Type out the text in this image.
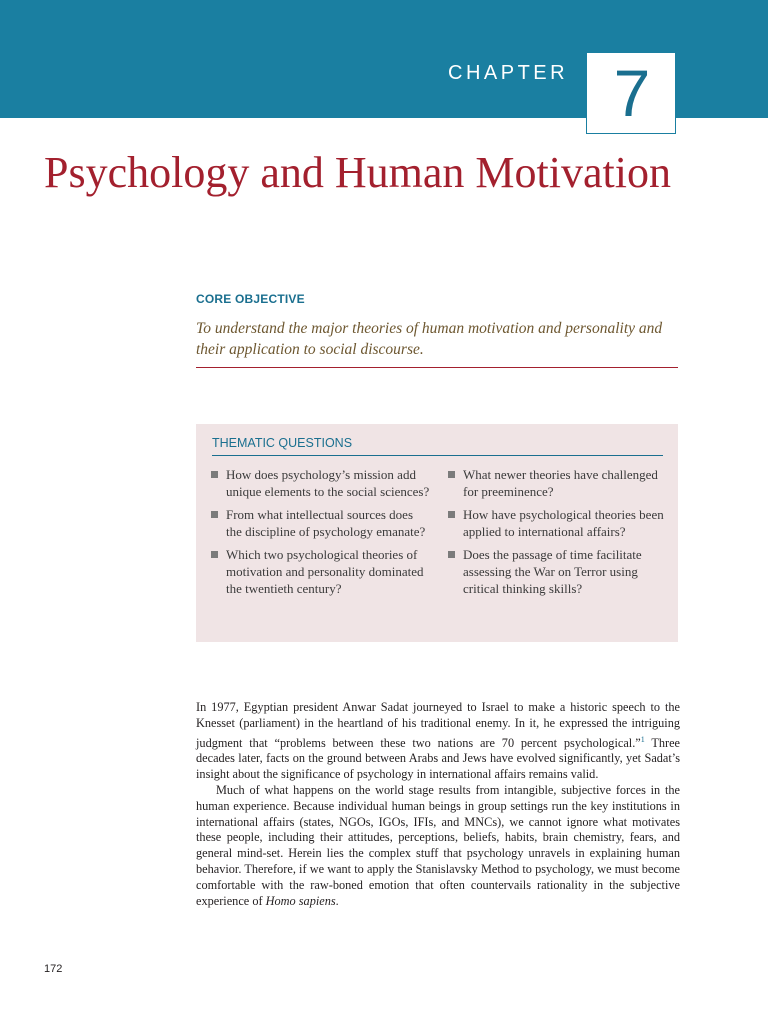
CHAPTER 7
Psychology and Human Motivation
CORE OBJECTIVE
To understand the major theories of human motivation and personality and their application to social discourse.
THEMATIC QUESTIONS
How does psychology’s mission add unique elements to the social sciences?
From what intellectual sources does the discipline of psychology emanate?
Which two psychological theories of motivation and personality dominated the twentieth century?
What newer theories have challenged for preeminence?
How have psychological theories been applied to international affairs?
Does the passage of time facilitate assessing the War on Terror using critical thinking skills?

In 1977, Egyptian president Anwar Sadat journeyed to Israel to make a historic speech to the Knesset (parliament) in the heartland of his traditional enemy. In it, he expressed the intriguing judgment that “problems between these two nations are 70 percent psychological.”$^1$ Three decades later, facts on the ground between Arabs and Jews have evolved significantly, yet Sadat’s insight about the significance of psychology in international affairs remains valid.

Much of what happens on the world stage results from intangible, subjective forces in the human experience. Because individual human beings in group settings run the key institutions in international affairs (states, NGOs, IGOs, IFIs, and MNCs), we cannot ignore what motivates these people, including their attitudes, perceptions, beliefs, habits, brain chemistry, fears, and general mind-set. Herein lies the complex stuff that psychology unravels in explaining human behavior. Therefore, if we want to apply the Stanislavsky Method to psychology, we must become comfortable with the raw-boned emotion that often countervails rationality in the subjective experience of Homo sapiens.

172
